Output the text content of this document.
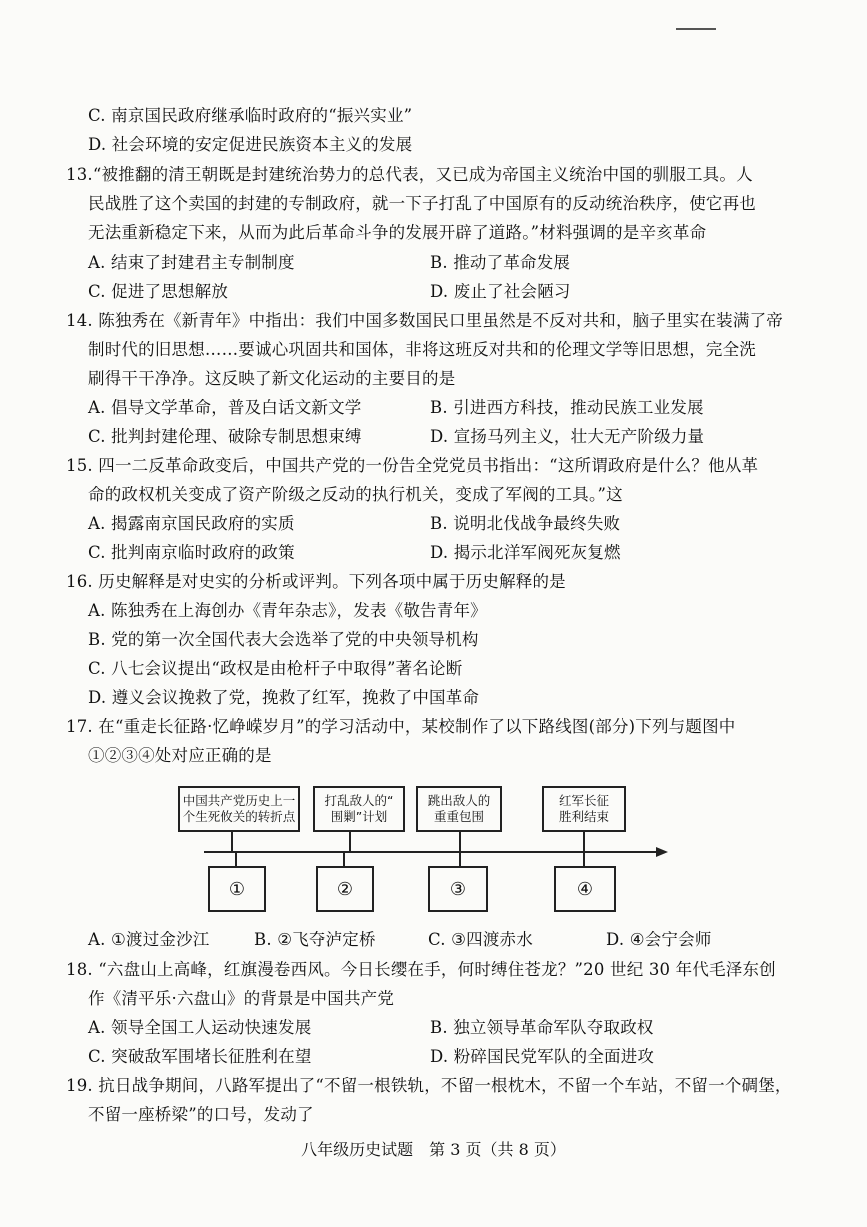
C. 南京国民政府继承临时政府的“振兴实业”
D. 社会环境的安定促进民族资本主义的发展
13.“被推翻的清王朝既是封建统治势力的总代表，又已成为帝国主义统治中国的驯服工具。人
民战胜了这个卖国的封建的专制政府，就一下子打乱了中国原有的反动统治秩序，使它再也
无法重新稳定下来，从而为此后革命斗争的发展开辟了道路。”材料强调的是辛亥革命
A. 结束了封建君主专制制度	B. 推动了革命发展
C. 促进了思想解放	D. 废止了社会陋习
14. 陈独秀在《新青年》中指出：我们中国多数国民口里虽然是不反对共和，脑子里实在装满了帝
制时代的旧思想……要诚心巩固共和国体，非将这班反对共和的伦理文学等旧思想，完全洗
刷得干干净净。这反映了新文化运动的主要目的是
A. 倡导文学革命，普及白话文新文学	B. 引进西方科技，推动民族工业发展
C. 批判封建伦理、破除专制思想束缚	D. 宣扬马列主义，壮大无产阶级力量
15. 四一二反革命政变后，中国共产党的一份告全党党员书指出：“这所谓政府是什么？他从革
命的政权机关变成了资产阶级之反动的执行机关，变成了军阀的工具。”这
A. 揭露南京国民政府的实质	B. 说明北伐战争最终失败
C. 批判南京临时政府的政策	D. 揭示北洋军阀死灰复燃
16. 历史解释是对史实的分析或评判。下列各项中属于历史解释的是
A. 陈独秀在上海创办《青年杂志》，发表《敬告青年》
B. 党的第一次全国代表大会选举了党的中央领导机构
C. 八七会议提出“政权是由枪杆子中取得”著名论断
D. 遵义会议挽救了党，挽救了红军，挽救了中国革命
17. 在“重走长征路·忆峥嵘岁月”的学习活动中，某校制作了以下路线图(部分)下列与题图中
①②③④处对应正确的是
中国共产党历史上一
个生死攸关的转折点
打乱敌人的“
围剿”计划
跳出敌人的
重重包围
红军长征
胜利结束
①	②	③	④
A. ①渡过金沙江	B. ②飞夺泸定桥	C. ③四渡赤水	D. ④会宁会师
18. “六盘山上高峰，红旗漫卷西风。今日长缨在手，何时缚住苍龙？”20 世纪 30 年代毛泽东创
作《清平乐·六盘山》的背景是中国共产党
A. 领导全国工人运动快速发展	B. 独立领导革命军队夺取政权
C. 突破敌军围堵长征胜利在望	D. 粉碎国民党军队的全面进攻
19. 抗日战争期间，八路军提出了“不留一根铁轨，不留一根枕木，不留一个车站，不留一个碉堡，
不留一座桥梁”的口号，发动了
八年级历史试题　第 3 页（共 8 页）
